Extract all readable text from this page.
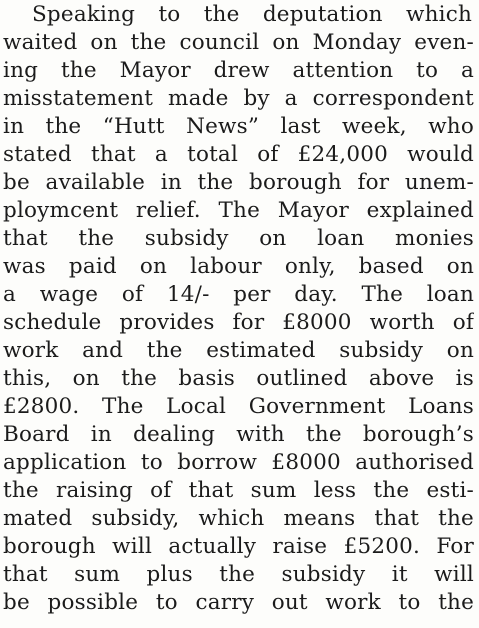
Speaking to the deputation which
waited on the council on Monday even-
ing the Mayor drew attention to a
misstatement made by a correspondent
in the “Hutt News” last week, who
stated that a total of £24,000 would
be available in the borough for unem-
ploymcent relief. The Mayor explained
that the subsidy on loan monies
was paid on labour only, based on
a wage of 14/- per day. The loan
schedule provides for £8000 worth of
work and the estimated subsidy on
this, on the basis outlined above is
£2800. The Local Government Loans
Board in dealing with the borough’s
application to borrow £8000 authorised
the raising of that sum less the esti-
mated subsidy, which means that the
borough will actually raise £5200. For
that sum plus the subsidy it will
be possible to carry out work to the
